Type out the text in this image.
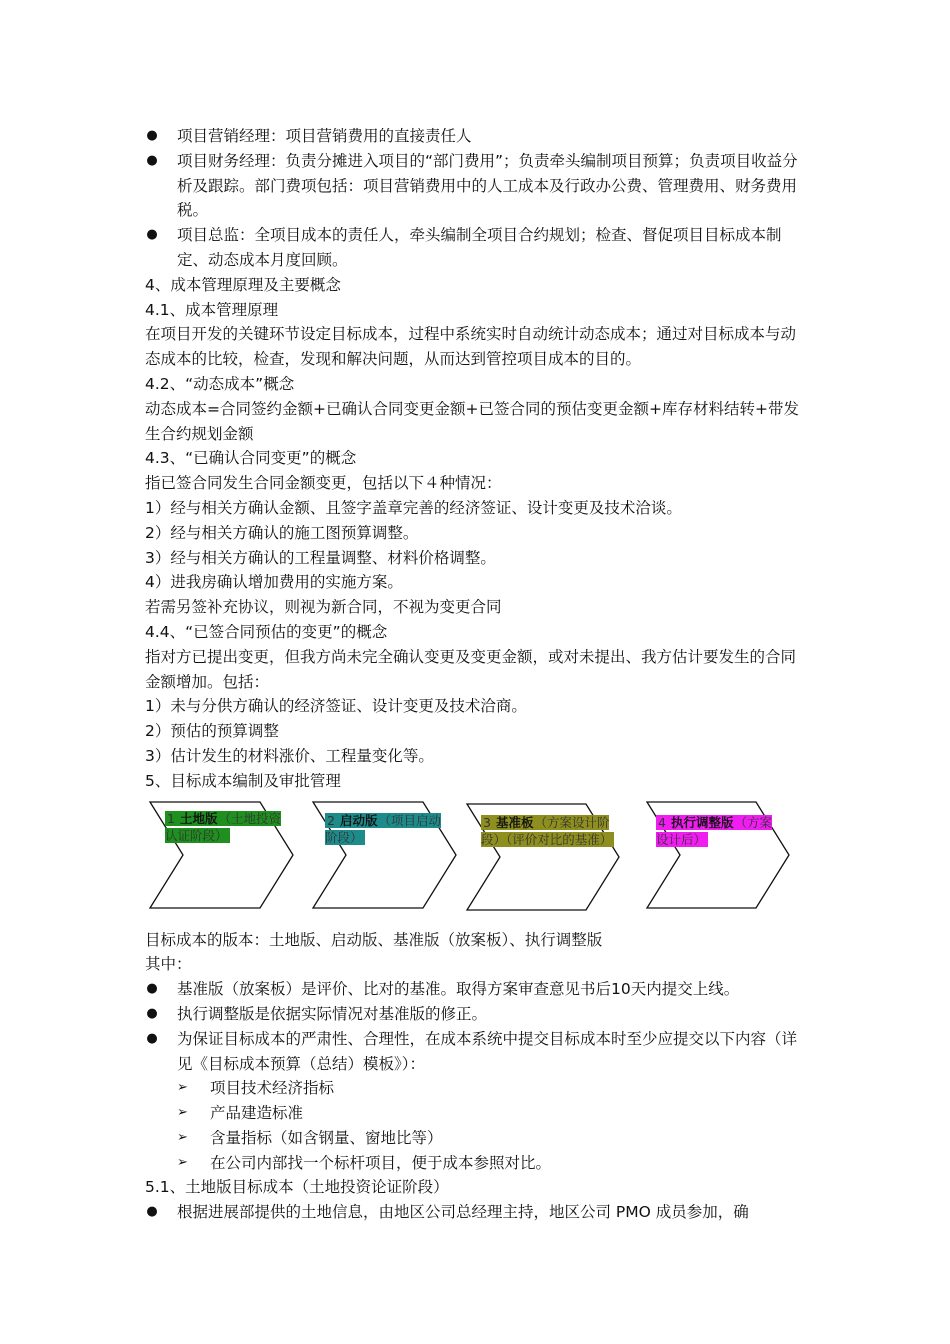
● 项目营销经理：项目营销费用的直接责任人
● 项目财务经理：负责分摊进入项目的“部门费用”；负责牵头编制项目预算；负责项目收益分析及跟踪。部门费项包括：项目营销费用中的人工成本及行政办公费、管理费用、财务费用税。
● 项目总监：全项目成本的责任人，牵头编制全项目合约规划；检查、督促项目目标成本制定、动态成本月度回顾。
4、成本管理原理及主要概念
4.1、成本管理原理
在项目开发的关键环节设定目标成本，过程中系统实时自动统计动态成本；通过对目标成本与动态成本的比较，检查，发现和解决问题，从而达到管控项目成本的目的。
4.2、“动态成本”概念
动态成本=合同签约金额+已确认合同变更金额+已签合同的预估变更金额+库存材料结转+带发生合约规划金额
4.3、“已确认合同变更”的概念
指已签合同发生合同金额变更，包括以下４种情况：
1）经与相关方确认金额、且签字盖章完善的经济签证、设计变更及技术洽谈。
2）经与相关方确认的施工图预算调整。
3）经与相关方确认的工程量调整、材料价格调整。
4）进我房确认增加费用的实施方案。
若需另签补充协议，则视为新合同，不视为变更合同
4.4、“已签合同预估的变更”的概念
指对方已提出变更，但我方尚未完全确认变更及变更金额，或对未提出、我方估计要发生的合同金额增加。包括：
1）未与分供方确认的经济签证、设计变更及技术洽商。
2）预估的预算调整
3）估计发生的材料涨价、工程量变化等。
5、目标成本编制及审批管理
1 土地版（土地投资认证阶段）
2 启动版（项目启动阶段）
3 基准板（方案设计阶段）（评价对比的基准）
4 执行调整版（方案设计后）
目标成本的版本：土地版、启动版、基准版（放案板）、执行调整版
其中：
● 基准版（放案板）是评价、比对的基准。取得方案审查意见书后10天内提交上线。
● 执行调整版是依据实际情况对基准版的修正。
● 为保证目标成本的严肃性、合理性，在成本系统中提交目标成本时至少应提交以下内容（详见《目标成本预算（总结）模板》）：
➢ 项目技术经济指标
➢ 产品建造标准
➢ 含量指标（如含钢量、窗地比等）
➢ 在公司内部找一个标杆项目，便于成本参照对比。
5.1、土地版目标成本（土地投资论证阶段）
● 根据进展部提供的土地信息，由地区公司总经理主持，地区公司 PMO 成员参加，确
